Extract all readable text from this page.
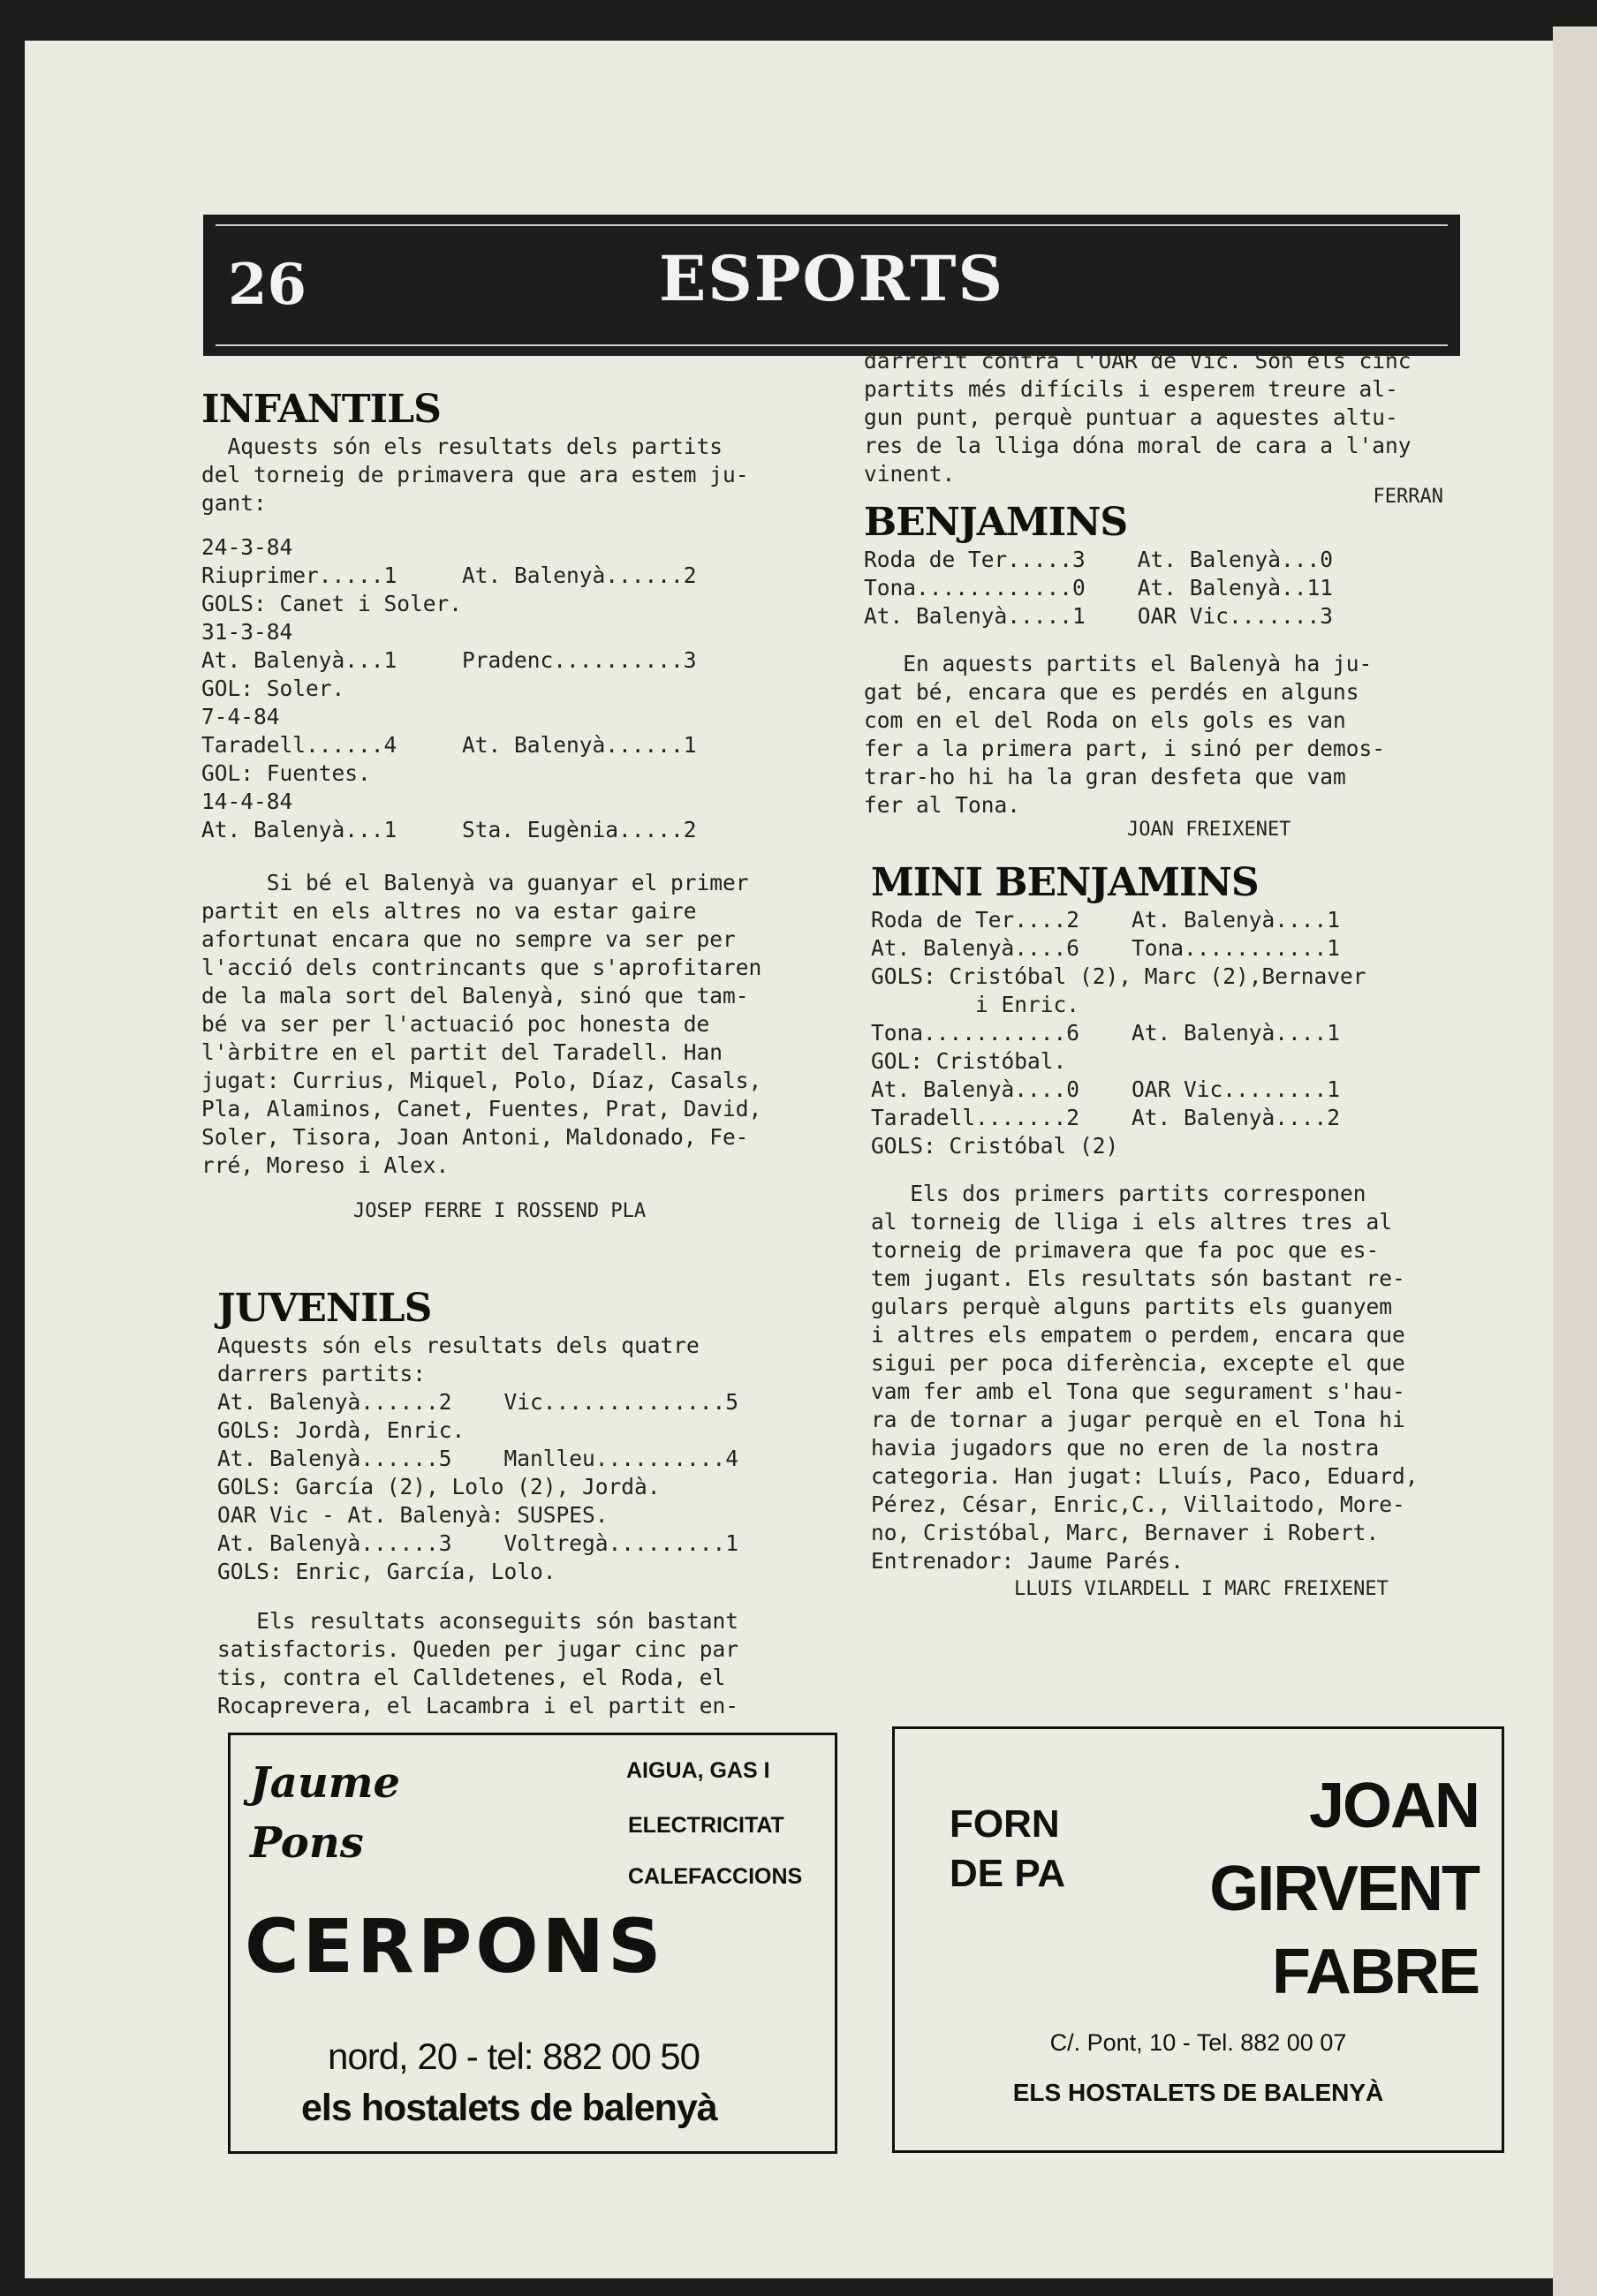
26	ESPORTS

INFANTILS

Aquests són els resultats dels partits

del torneig de primavera que ara estem ju-

gant:

24-3-84

Riuprimer.....1     At. Balenyà......2

GOLS: Canet i Soler.

31-3-84

At. Balenyà...1     Pradenc..........3

GOL: Soler.

7-4-84

Taradell......4     At. Balenyà......1

GOL: Fuentes.

14-4-84

At. Balenyà...1     Sta. Eugènia.....2

Si bé el Balenyà va guanyar el primer

partit en els altres no va estar gaire

afortunat encara que no sempre va ser per

l'acció dels contrincants que s'aprofitaren

de la mala sort del Balenyà, sinó que tam-

bé va ser per l'actuació poc honesta de

l'àrbitre en el partit del Taradell. Han

jugat: Currius, Miquel, Polo, Díaz, Casals,

Pla, Alaminos, Canet, Fuentes, Prat, David,

Soler, Tisora, Joan Antoni, Maldonado, Fe-

rré, Moreso i Alex.

JOSEP FERRE I ROSSEND PLA

JUVENILS

Aquests són els resultats dels quatre

darrers partits:

At. Balenyà......2    Vic..............5

GOLS: Jordà, Enric.

At. Balenyà......5    Manlleu..........4

GOLS: García (2), Lolo (2), Jordà.

OAR Vic - At. Balenyà: SUSPES.

At. Balenyà......3    Voltregà.........1

GOLS: Enric, García, Lolo.

Els resultats aconseguits són bastant

satisfactoris. Queden per jugar cinc par

tis, contra el Calldetenes, el Roda, el

Rocaprevera, el Lacambra i el partit en-

darrerit contra l'OAR de Vic. Són els cinc

partits més difícils i esperem treure al-

gun punt, perquè puntuar a aquestes altu-

res de la lliga dóna moral de cara a l'any

vinent.

FERRAN

BENJAMINS

Roda de Ter.....3    At. Balenyà...0

Tona............0    At. Balenyà..11

At. Balenyà.....1    OAR Vic.......3

En aquests partits el Balenyà ha ju-

gat bé, encara que es perdés en alguns

com en el del Roda on els gols es van

fer a la primera part, i sinó per demos-

trar-ho hi ha la gran desfeta que vam

fer al Tona.

JOAN FREIXENET

MINI BENJAMINS

Roda de Ter....2    At. Balenyà....1

At. Balenyà....6    Tona...........1

GOLS: Cristóbal (2), Marc (2),Bernaver

i Enric.

Tona...........6    At. Balenyà....1

GOL: Cristóbal.

At. Balenyà....0    OAR Vic........1

Taradell.......2    At. Balenyà....2

GOLS: Cristóbal (2)

Els dos primers partits corresponen

al torneig de lliga i els altres tres al

torneig de primavera que fa poc que es-

tem jugant. Els resultats són bastant re-

gulars perquè alguns partits els guanyem

i altres els empatem o perdem, encara que

sigui per poca diferència, excepte el que

vam fer amb el Tona que segurament s'hau-

ra de tornar a jugar perquè en el Tona hi

havia jugadors que no eren de la nostra

categoria. Han jugat: Lluís, Paco, Eduard,

Pérez, César, Enric,C., Villaitodo, More-

no, Cristóbal, Marc, Bernaver i Robert.

Entrenador: Jaume Parés.

LLUIS VILARDELL I MARC FREIXENET

Jaume
Pons
AIGUA, GAS I
ELECTRICITAT
CALEFACCIONS
CERPONS
nord, 20 - tel: 882 00 50
els hostalets de balenyà
FORN
DE PA
JOAN
GIRVENT
FABRE
C/. Pont, 10 - Tel. 882 00 07
ELS HOSTALETS DE BALENYÀ
